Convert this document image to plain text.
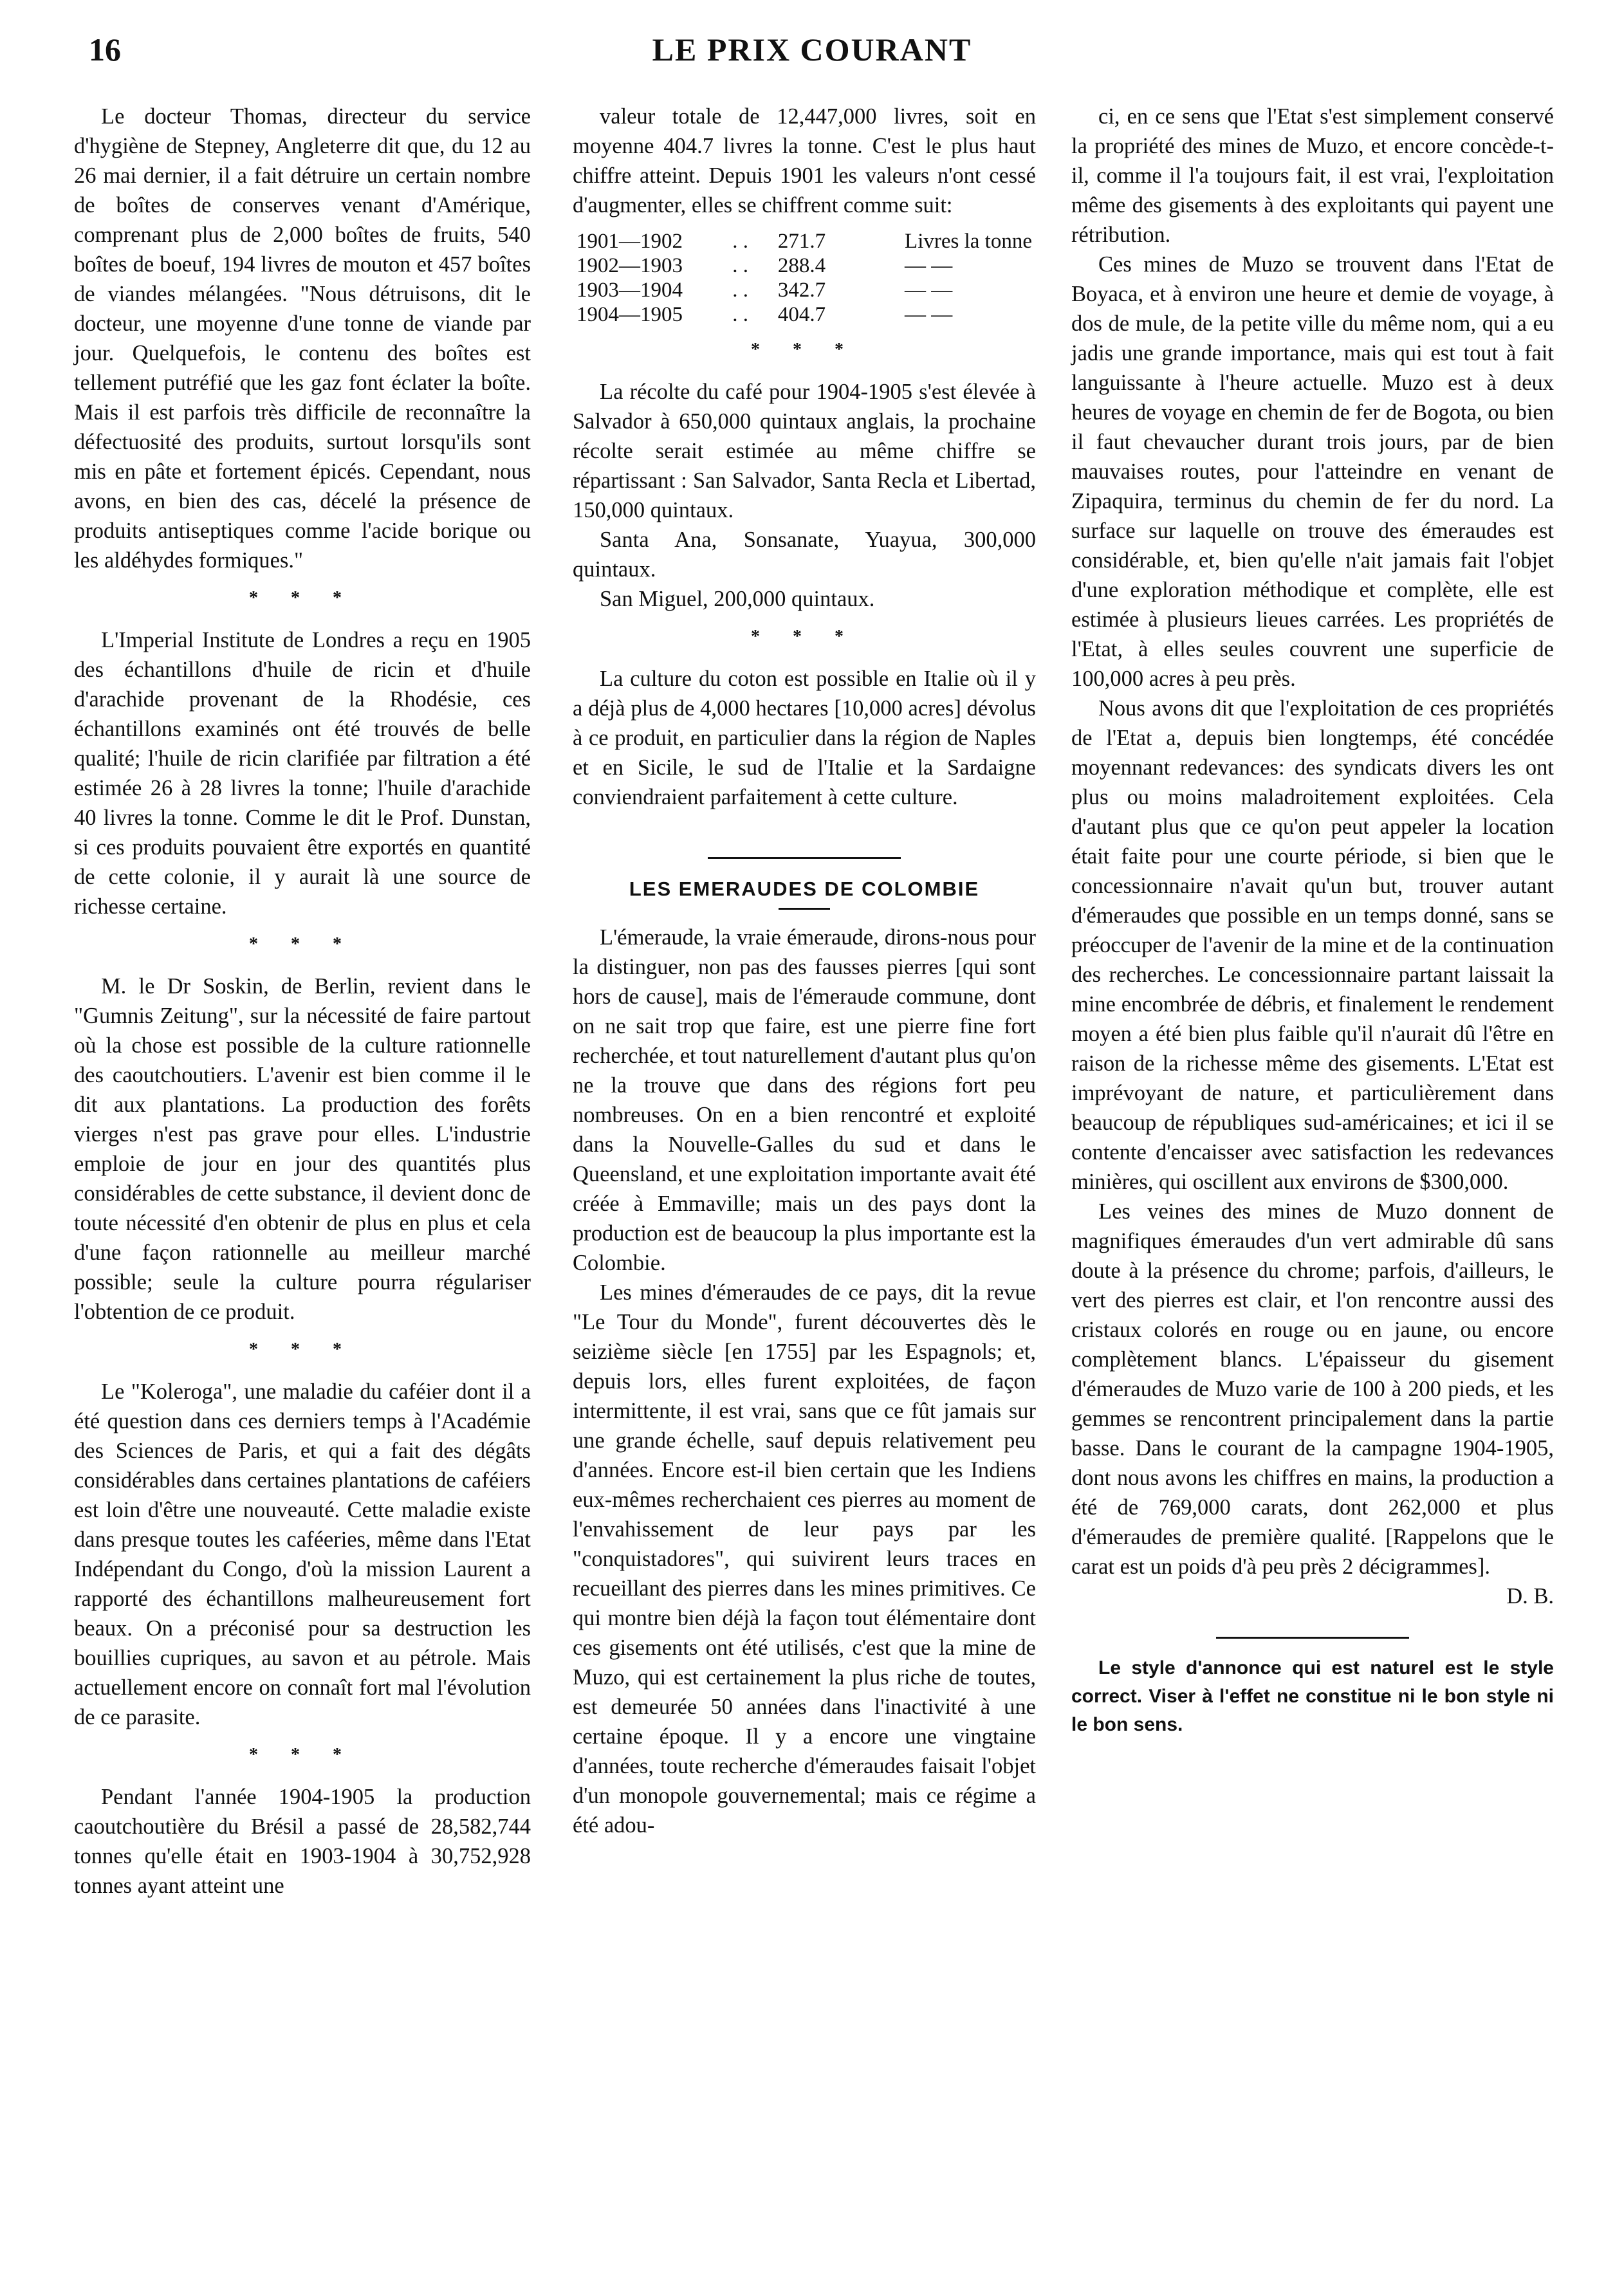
16	LE PRIX COURANT

Le docteur Thomas, directeur du service d'hygiène de Stepney, Angleterre dit que, du 12 au 26 mai dernier, il a fait détruire un certain nombre de boîtes de conserves venant d'Amérique, comprenant plus de 2,000 boîtes de fruits, 540 boîtes de boeuf, 194 livres de mouton et 457 boîtes de viandes mélangées. "Nous détruisons, dit le docteur, une moyenne d'une tonne de viande par jour. Quelquefois, le contenu des boîtes est tellement putréfié que les gaz font éclater la boîte. Mais il est parfois très difficile de reconnaître la défectuosité des produits, surtout lorsqu'ils sont mis en pâte et fortement épicés. Cependant, nous avons, en bien des cas, décelé la présence de produits antiseptiques comme l'acide borique ou les aldéhydes formiques."

* * *

L'Imperial Institute de Londres a reçu en 1905 des échantillons d'huile de ricin et d'huile d'arachide provenant de la Rhodésie, ces échantillons examinés ont été trouvés de belle qualité; l'huile de ricin clarifiée par filtration a été estimée 26 à 28 livres la tonne; l'huile d'arachide 40 livres la tonne. Comme le dit le Prof. Dunstan, si ces produits pouvaient être exportés en quantité de cette colonie, il y aurait là une source de richesse certaine.

* * *

M. le Dr Soskin, de Berlin, revient dans le "Gumnis Zeitung", sur la nécessité de faire partout où la chose est possible de la culture rationnelle des caoutchoutiers. L'avenir est bien comme il le dit aux plantations. La production des forêts vierges n'est pas grave pour elles. L'industrie emploie de jour en jour des quantités plus considérables de cette substance, il devient donc de toute nécessité d'en obtenir de plus en plus et cela d'une façon rationnelle au meilleur marché possible; seule la culture pourra régulariser l'obtention de ce produit.

* * *

Le "Koleroga", une maladie du caféier dont il a été question dans ces derniers temps à l'Académie des Sciences de Paris, et qui a fait des dégâts considérables dans certaines plantations de caféiers est loin d'être une nouveauté. Cette maladie existe dans presque toutes les caféeries, même dans l'Etat Indépendant du Congo, d'où la mission Laurent a rapporté des échantillons malheureusement fort beaux. On a préconisé pour sa destruction les bouillies cupriques, au savon et au pétrole. Mais actuellement encore on connaît fort mal l'évolution de ce parasite.

* * *

Pendant l'année 1904-1905 la production caoutchoutière du Brésil a passé de 28,582,744 tonnes qu'elle était en 1903-1904 à 30,752,928 tonnes ayant atteint une

valeur totale de 12,447,000 livres, soit en moyenne 404.7 livres la tonne. C'est le plus haut chiffre atteint. Depuis 1901 les valeurs n'ont cessé d'augmenter, elles se chiffrent comme suit:

1901—1902	. .	271.7	Livres la tonne
1902—1903	. .	288.4	— —
1903—1904	. .	342.7	— —
1904—1905	. .	404.7	— —
* * *

La récolte du café pour 1904-1905 s'est élevée à Salvador à 650,000 quintaux anglais, la prochaine récolte serait estimée au même chiffre se répartissant : San Salvador, Santa Recla et Libertad, 150,000 quintaux.

Santa Ana, Sonsanate, Yuayua, 300,000 quintaux.

San Miguel, 200,000 quintaux.

* * *

La culture du coton est possible en Italie où il y a déjà plus de 4,000 hectares [10,000 acres] dévolus à ce produit, en particulier dans la région de Naples et en Sicile, le sud de l'Italie et la Sardaigne conviendraient parfaitement à cette culture.

LES EMERAUDES DE COLOMBIE

L'émeraude, la vraie émeraude, dirons-nous pour la distinguer, non pas des fausses pierres [qui sont hors de cause], mais de l'émeraude commune, dont on ne sait trop que faire, est une pierre fine fort recherchée, et tout naturellement d'autant plus qu'on ne la trouve que dans des régions fort peu nombreuses. On en a bien rencontré et exploité dans la Nouvelle-Galles du sud et dans le Queensland, et une exploitation importante avait été créée à Emmaville; mais un des pays dont la production est de beaucoup la plus importante est la Colombie.

Les mines d'émeraudes de ce pays, dit la revue "Le Tour du Monde", furent découvertes dès le seizième siècle [en 1755] par les Espagnols; et, depuis lors, elles furent exploitées, de façon intermittente, il est vrai, sans que ce fût jamais sur une grande échelle, sauf depuis relativement peu d'années. Encore est-il bien certain que les Indiens eux-mêmes recherchaient ces pierres au moment de l'envahissement de leur pays par les "conquistadores", qui suivirent leurs traces en recueillant des pierres dans les mines primitives. Ce qui montre bien déjà la façon tout élémentaire dont ces gisements ont été utilisés, c'est que la mine de Muzo, qui est certainement la plus riche de toutes, est demeurée 50 années dans l'inactivité à une certaine époque. Il y a encore une vingtaine d'années, toute recherche d'émeraudes faisait l'objet d'un monopole gouvernemental; mais ce régime a été adou-

ci, en ce sens que l'Etat s'est simplement conservé la propriété des mines de Muzo, et encore concède-t-il, comme il l'a toujours fait, il est vrai, l'exploitation même des gisements à des exploitants qui payent une rétribution.

Ces mines de Muzo se trouvent dans l'Etat de Boyaca, et à environ une heure et demie de voyage, à dos de mule, de la petite ville du même nom, qui a eu jadis une grande importance, mais qui est tout à fait languissante à l'heure actuelle. Muzo est à deux heures de voyage en chemin de fer de Bogota, ou bien il faut chevaucher durant trois jours, par de bien mauvaises routes, pour l'atteindre en venant de Zipaquira, terminus du chemin de fer du nord. La surface sur laquelle on trouve des émeraudes est considérable, et, bien qu'elle n'ait jamais fait l'objet d'une exploration méthodique et complète, elle est estimée à plusieurs lieues carrées. Les propriétés de l'Etat, à elles seules couvrent une superficie de 100,000 acres à peu près.

Nous avons dit que l'exploitation de ces propriétés de l'Etat a, depuis bien longtemps, été concédée moyennant redevances: des syndicats divers les ont plus ou moins maladroitement exploitées. Cela d'autant plus que ce qu'on peut appeler la location était faite pour une courte période, si bien que le concessionnaire n'avait qu'un but, trouver autant d'émeraudes que possible en un temps donné, sans se préoccuper de l'avenir de la mine et de la continuation des recherches. Le concessionnaire partant laissait la mine encombrée de débris, et finalement le rendement moyen a été bien plus faible qu'il n'aurait dû l'être en raison de la richesse même des gisements. L'Etat est imprévoyant de nature, et particulièrement dans beaucoup de républiques sud-américaines; et ici il se contente d'encaisser avec satisfaction les redevances minières, qui oscillent aux environs de $300,000.

Les veines des mines de Muzo donnent de magnifiques émeraudes d'un vert admirable dû sans doute à la présence du chrome; parfois, d'ailleurs, le vert des pierres est clair, et l'on rencontre aussi des cristaux colorés en rouge ou en jaune, ou encore complètement blancs. L'épaisseur du gisement d'émeraudes de Muzo varie de 100 à 200 pieds, et les gemmes se rencontrent principalement dans la partie basse. Dans le courant de la campagne 1904-1905, dont nous avons les chiffres en mains, la production a été de 769,000 carats, dont 262,000 et plus d'émeraudes de première qualité. [Rappelons que le carat est un poids d'à peu près 2 décigrammes].

D. B.

Le style d'annonce qui est naturel est le style correct. Viser à l'effet ne constitue ni le bon style ni le bon sens.
